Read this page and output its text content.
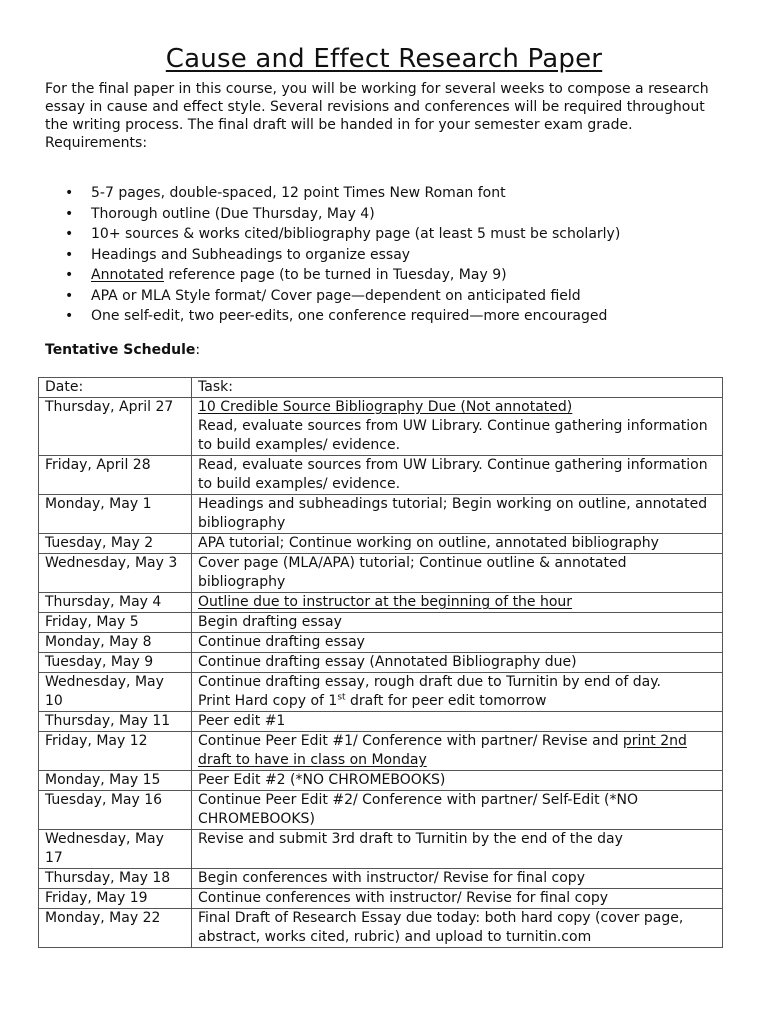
Cause and Effect Research Paper

For the final paper in this course, you will be working for several weeks to compose a research essay in cause and effect style. Several revisions and conferences will be required throughout the writing process. The final draft will be handed in for your semester exam grade.

Requirements:

• 5-7 pages, double-spaced, 12 point Times New Roman font
• Thorough outline (Due Thursday, May 4)
• 10+ sources & works cited/bibliography page (at least 5 must be scholarly)
• Headings and Subheadings to organize essay
• Annotated reference page (to be turned in Tuesday, May 9)
• APA or MLA Style format/ Cover page—dependent on anticipated field
• One self-edit, two peer-edits, one conference required—more encouraged
Tentative Schedule:
Date:	Task:
Thursday, April 27	10 Credible Source Bibliography Due (Not annotated)
Read, evaluate sources from UW Library. Continue gathering information to build examples/ evidence.
Friday, April 28	Read, evaluate sources from UW Library. Continue gathering information to build examples/ evidence.
Monday, May 1	Headings and subheadings tutorial; Begin working on outline, annotated bibliography
Tuesday, May 2	APA tutorial; Continue working on outline, annotated bibliography
Wednesday, May 3	Cover page (MLA/APA) tutorial; Continue outline & annotated bibliography
Thursday, May 4	Outline due to instructor at the beginning of the hour
Friday, May 5	Begin drafting essay
Monday, May 8	Continue drafting essay
Tuesday, May 9	Continue drafting essay (Annotated Bibliography due)
Wednesday, May 10	Continue drafting essay, rough draft due to Turnitin by end of day.
Print Hard copy of 1st draft for peer edit tomorrow
Thursday, May 11	Peer edit #1
Friday, May 12	Continue Peer Edit #1/ Conference with partner/ Revise and print 2nd draft to have in class on Monday
Monday, May 15	Peer Edit #2 (*NO CHROMEBOOKS)
Tuesday, May 16	Continue Peer Edit #2/ Conference with partner/ Self-Edit (*NO CHROMEBOOKS)
Wednesday, May 17	Revise and submit 3rd draft to Turnitin by the end of the day
Thursday, May 18	Begin conferences with instructor/ Revise for final copy
Friday, May 19	Continue conferences with instructor/ Revise for final copy
Monday, May 22	Final Draft of Research Essay due today: both hard copy (cover page, abstract, works cited, rubric) and upload to turnitin.com
